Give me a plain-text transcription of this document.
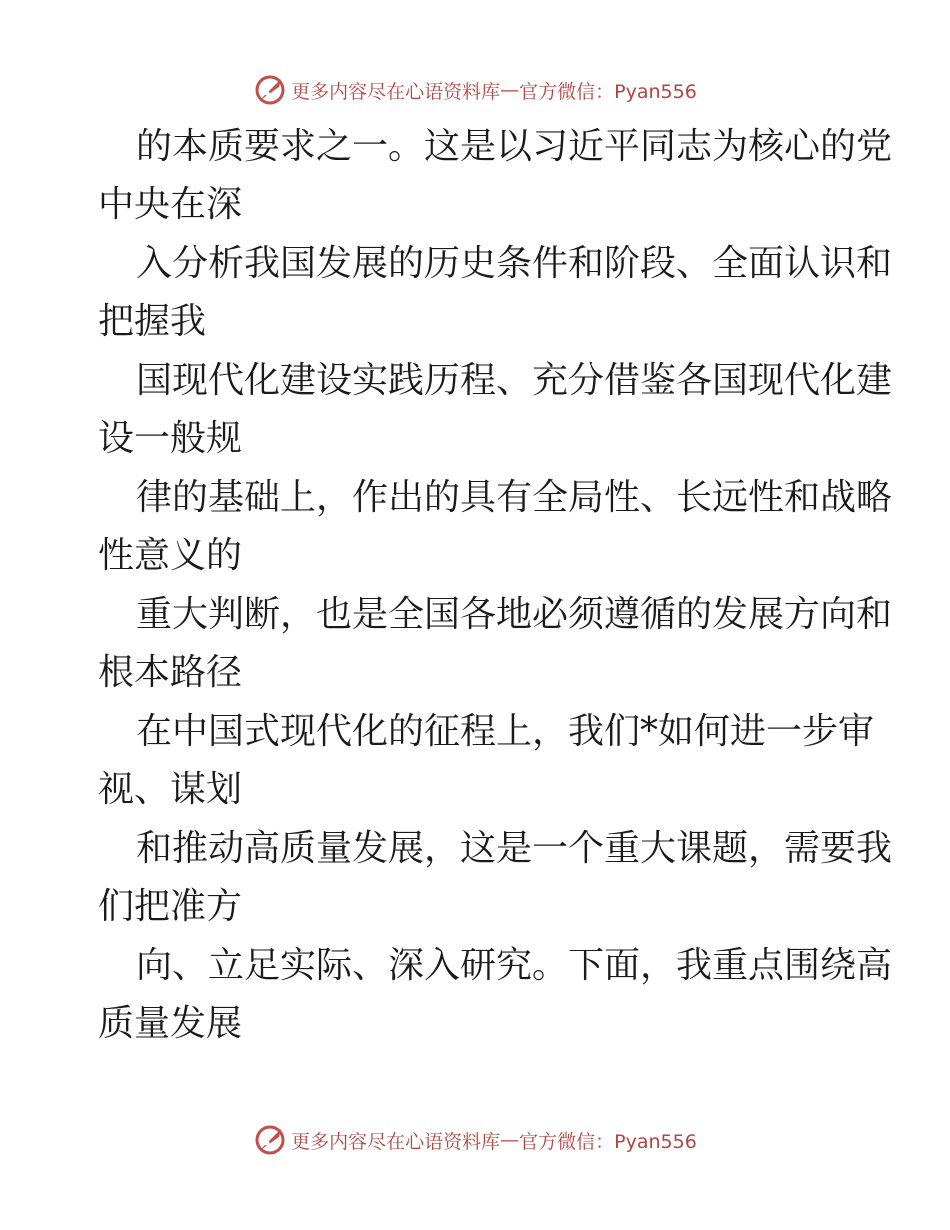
更多内容尽在心语资料库 — 官方微信：Pyan556
的本质要求之一。这是以习近平同志为核心的党
中央在深
入分析我国发展的历史条件和阶段、全面认识和
把握我
国现代化建设实践历程、充分借鉴各国现代化建
设一般规
律的基础上，作出的具有全局性、长远性和战略
性意义的
重大判断，也是全国各地必须遵循的发展方向和
根本路径
在中国式现代化的征程上，我们*如何进一步审
视、谋划
和推动高质量发展，这是一个重大课题，需要我
们把准方
向、立足实际、深入研究。下面，我重点围绕高
质量发展
更多内容尽在心语资料库 — 官方微信：Pyan556
